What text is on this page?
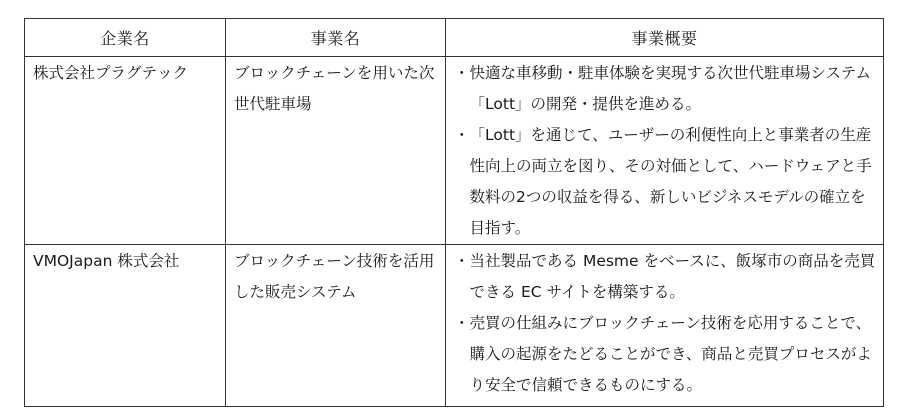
企業名	事業名	事業概要
株式会社プラグテック	ブロックチェーンを用いた次世代駐車場	・ 快適な車移動・駐車体験を実現する次世代駐車場システム「Lott」の開発・提供を進める。
・ 「Lott」を通じて、ユーザーの利便性向上と事業者の生産性向上の両立を図り、その対価として、ハードウェアと手数料の2つの収益を得る、新しいビジネスモデルの確立を目指す。

VMOJapan 株式会社	ブロックチェーン技術を活用した販売システム	・ 当社製品である Mesme をベースに、飯塚市の商品を売買できる EC サイトを構築する。
・ 売買の仕組みにブロックチェーン技術を応用することで、購入の起源をたどることができ、商品と売買プロセスがより安全で信頼できるものにする。
